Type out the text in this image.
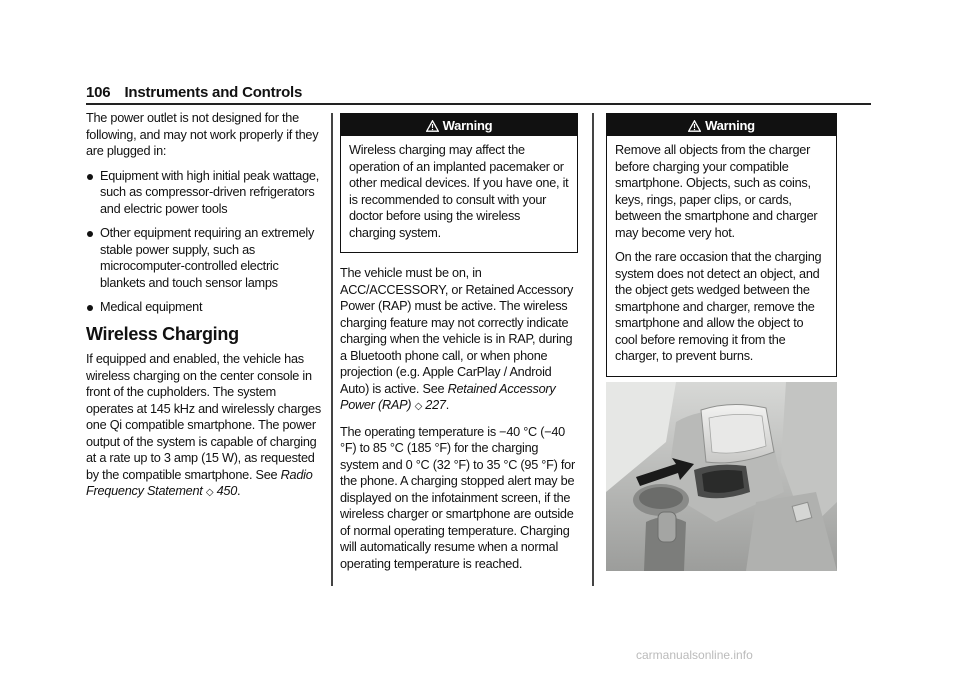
106 Instruments and Controls

The power outlet is not designed for the following, and may not work properly if they are plugged in:

Equipment with high initial peak wattage, such as compressor-driven refrigerators and electric power tools
Other equipment requiring an extremely stable power supply, such as microcomputer-controlled electric blankets and touch sensor lamps
Medical equipment
Wireless Charging

If equipped and enabled, the vehicle has wireless charging on the center console in front of the cupholders. The system operates at 145 kHz and wirelessly charges one Qi compatible smartphone. The power output of the system is capable of charging at a rate up to 3 amp (15 W), as requested by the compatible smartphone. See Radio Frequency Statement ◇ 450.

Warning

Wireless charging may affect the operation of an implanted pacemaker or other medical devices. If you have one, it is recommended to consult with your doctor before using the wireless charging system.

The vehicle must be on, in ACC/ACCESSORY, or Retained Accessory Power (RAP) must be active. The wireless charging feature may not correctly indicate charging when the vehicle is in RAP, during a Bluetooth phone call, or when phone projection (e.g. Apple CarPlay / Android Auto) is active. See Retained Accessory Power (RAP) ◇ 227.

The operating temperature is −40 °C (−40 °F) to 85 °C (185 °F) for the charging system and 0 °C (32 °F) to 35 °C (95 °F) for the phone. A charging stopped alert may be displayed on the infotainment screen, if the wireless charger or smartphone are outside of normal operating temperature. Charging will automatically resume when a normal operating temperature is reached.

Warning

Remove all objects from the charger before charging your compatible smartphone. Objects, such as coins, keys, rings, paper clips, or cards, between the smartphone and charger may become very hot.

On the rare occasion that the charging system does not detect an object, and the object gets wedged between the smartphone and charger, remove the smartphone and allow the object to cool before removing it from the charger, to prevent burns.

carmanualsonline.info
